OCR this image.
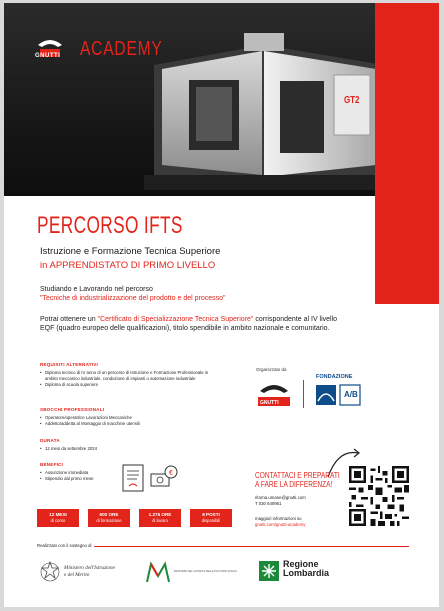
GT2
GNUTTI ACADEMY
PERCORSO IFTS
Istruzione e Formazione Tecnica Superiore
in APPRENDISTATO DI PRIMO LIVELLO
Studiando e Lavorando nel percorso
"Tecniche di industrializzazione del prodotto e del processo"

Potrai ottenere un "Certificato di Specializzazione Tecnica Superiore" corrispondente al IV livello EQF (quadro europeo delle qualificazioni), titolo spendibile in ambito nazionale e comunitario.

REQUISITI ALTERNATIVI
• Diploma tecnico di IV anno di un percorso di Istruzione e Formazione Professionale in ambito meccanico industriale, conduzione di impianti o automazione industriale
• Diploma di scuola superiore
SBOCCHI PROFESSIONALI
• Operatore/operatrice Lavorazioni Meccaniche
• Addetto/addetta al Montaggio di macchine utensili
DURATA
• 12 mesi da settembre 2024
BENEFICI
• Assunzione immediata
• Stipendio dal primo mese
€
12 MESI
di corso
600 ORE
di formazione
1.276 ORE
di lavoro
8 POSTI
disponibili
Organizzato da
GNUTTI
FONDAZIONE
A/B
CONTATTACI E PREPARATI
A FARE LA DIFFERENZA!
ritorna.umane@gnutti.com
T 030 640961
maggiori informazioni su
gnutti.com/gnutti-academy
Realizzato con il sostegno di
Ministero dell'Istruzione
e del Merito	MINISTERO DEL LAVORO E DELLE POLITICHE SOCIALI
Regione
Lombardia
